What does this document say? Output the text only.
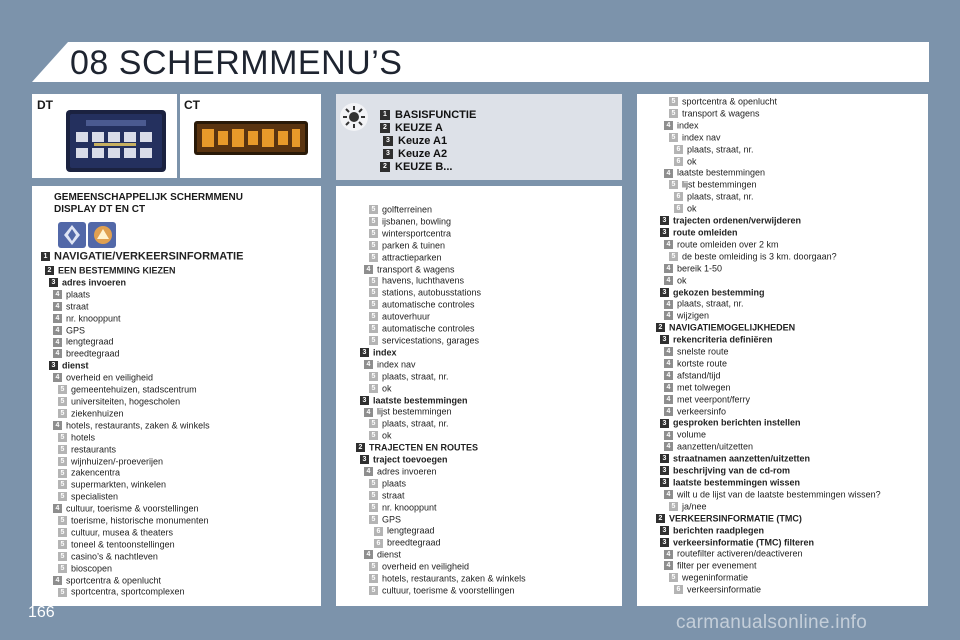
08 SCHERMMENU’S
DT	CT
1 BASISFUNCTIE
2 KEUZE A
3 Keuze A1
3 Keuze A2
2 KEUZE B...
GEMEENSCHAPPELIJK SCHERMMENU
DISPLAY DT EN CT
1 NAVIGATIE/VERKEERSINFORMATIE
2 EEN BESTEMMING KIEZEN
3 adres invoeren
4 plaats
4 straat
4 nr. knooppunt
4 GPS
4 lengtegraad
4 breedtegraad
3 dienst
4 overheid en veiligheid
5 gemeentehuizen, stadscentrum
5 universiteiten, hogescholen
5 ziekenhuizen
4 hotels, restaurants, zaken & winkels
5 hotels
5 restaurants
5 wijnhuizen/-proeverijen
5 zakencentra
5 supermarkten, winkelen
5 specialisten
4 cultuur, toerisme & voorstellingen
5 toerisme, historische monumenten
5 cultuur, musea & theaters
5 toneel & tentoonstellingen
5 casino’s & nachtleven
5 bioscopen
4 sportcentra & openlucht
5 sportcentra, sportcomplexen
5 golfterreinen
5 ijsbanen, bowling
5 wintersportcentra
5 parken & tuinen
5 attractieparken
4 transport & wagens
5 havens, luchthavens
5 stations, autobusstations
5 automatische controles
5 autoverhuur
5 automatische controles
5 servicestations, garages
3 index
4 index nav
5 plaats, straat, nr.
5 ok
3 laatste bestemmingen
4 lijst bestemmingen
5 plaats, straat, nr.
5 ok
2 TRAJECTEN EN ROUTES
3 traject toevoegen
4 adres invoeren
5 plaats
5 straat
5 nr. knooppunt
5 GPS
6 lengtegraad
6 breedtegraad
4 dienst
5 overheid en veiligheid
5 hotels, restaurants, zaken & winkels
5 cultuur, toerisme & voorstellingen
5 sportcentra & openlucht
5 transport & wagens
4 index
5 index nav
6 plaats, straat, nr.
6 ok
4 laatste bestemmingen
5 lijst bestemmingen
6 plaats, straat, nr.
6 ok
3 trajecten ordenen/verwijderen
3 route omleiden
4 route omleiden over 2 km
5 de beste omleiding is 3 km. doorgaan?
4 bereik 1-50
4 ok
3 gekozen bestemming
4 plaats, straat, nr.
4 wijzigen
2 NAVIGATIEMOGELIJKHEDEN
3 rekencriteria definiëren
4 snelste route
4 kortste route
4 afstand/tijd
4 met tolwegen
4 met veerpont/ferry
4 verkeersinfo
3 gesproken berichten instellen
4 volume
4 aanzetten/uitzetten
3 straatnamen aanzetten/uitzetten
3 beschrijving van de cd-rom
3 laatste bestemmingen wissen
4 wilt u de lijst van de laatste bestemmingen wissen?
5 ja/nee
2 VERKEERSINFORMATIE (TMC)
3 berichten raadplegen
3 verkeersinformatie (TMC) filteren
4 routefilter activeren/deactiveren
4 filter per evenement
5 wegeninformatie
6 verkeersinformatie
166	carmanualsonline.info
